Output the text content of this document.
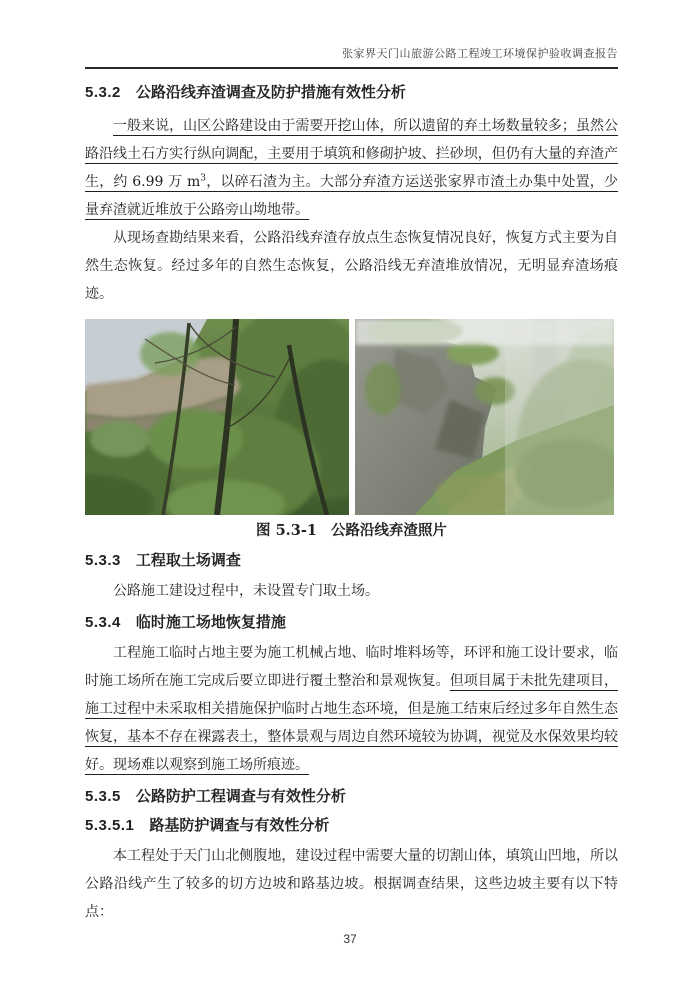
张家界天门山旅游公路工程竣工环境保护验收调查报告
5.3.2 公路沿线弃渣调查及防护措施有效性分析

一般来说，山区公路建设由于需要开挖山体，所以遗留的弃土场数量较多；虽然公路沿线土石方实行纵向调配，主要用于填筑和修砌护坡、拦砂坝，但仍有大量的弃渣产生，约 6.99 万 $m^3$，以碎石渣为主。大部分弃渣方运送张家界市渣土办集中处置，少量弃渣就近堆放于公路旁山坳地带。

从现场查勘结果来看，公路沿线弃渣存放点生态恢复情况良好，恢复方式主要为自然生态恢复。经过多年的自然生态恢复，公路沿线无弃渣堆放情况，无明显弃渣场痕迹。

图 5.3-1 公路沿线弃渣照片
5.3.3 工程取土场调查

公路施工建设过程中，未设置专门取土场。

5.3.4 临时施工场地恢复措施

工程施工临时占地主要为施工机械占地、临时堆料场等，环评和施工设计要求，临时施工场所在施工完成后要立即进行覆土整治和景观恢复。但项目属于未批先建项目，施工过程中未采取相关措施保护临时占地生态环境，但是施工结束后经过多年自然生态恢复，基本不存在裸露表土，整体景观与周边自然环境较为协调，视觉及水保效果均较好。现场难以观察到施工场所痕迹。

5.3.5 公路防护工程调查与有效性分析
5.3.5.1 路基防护调查与有效性分析

本工程处于天门山北侧腹地，建设过程中需要大量的切割山体，填筑山凹地，所以公路沿线产生了较多的切方边坡和路基边坡。根据调查结果，这些边坡主要有以下特点：

37
